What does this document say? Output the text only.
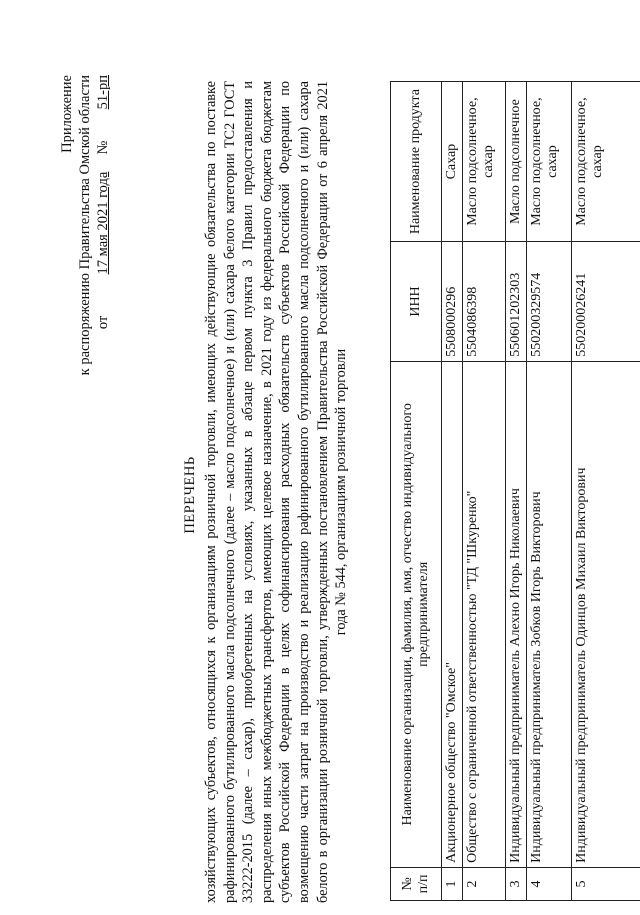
Приложение к распоряжению Правительства Омской области от  17 мая 2021 года  №  51-рп
ПЕРЕЧЕНЬ хозяйствующих субъектов, относящихся к организациям розничной торговли, имеющих действующие обязательства по поставке рафинированного бутилированного масла подсолнечного (далее – масло подсолнечное) и (или) сахара белого категории ТС2 ГОСТ 33222-2015 (далее – сахар), приобретенных на условиях, указанных в абзаце первом пункта 3 Правил предоставления и распределения иных межбюджетных трансфертов, имеющих целевое назначение, в 2021 году из федерального бюджета бюджетам субъектов Российской Федерации в целях софинансирования расходных обязательств субъектов Российской Федерации по возмещению части затрат на производство и реализацию рафинированного бутилированного масла подсолнечного и (или) сахара белого в организации розничной торговли, утвержденных постановлением Правительства Российской Федерации от 6 апреля 2021 года № 544, организациям розничной торговли
№ п/п	Наименование организации, фамилия, имя, отчество индивидуального предпринимателя	ИНН	Наименование продукта
1	Акционерное общество "Омское"	5508000296	Сахар
2	Общество с ограниченной ответственностью "ТД "Шкуренко"	5504086398	Масло подсолнечное, сахар
3	Индивидуальный предприниматель Алехно Игорь Николаевич	550601202303	Масло подсолнечное
4	Индивидуальный предприниматель Зобков Игорь Викторович	550200329574	Масло подсолнечное, сахар
5	Индивидуальный предприниматель Одинцов Михаил Викторович	550200026241	Масло подсолнечное, сахар
